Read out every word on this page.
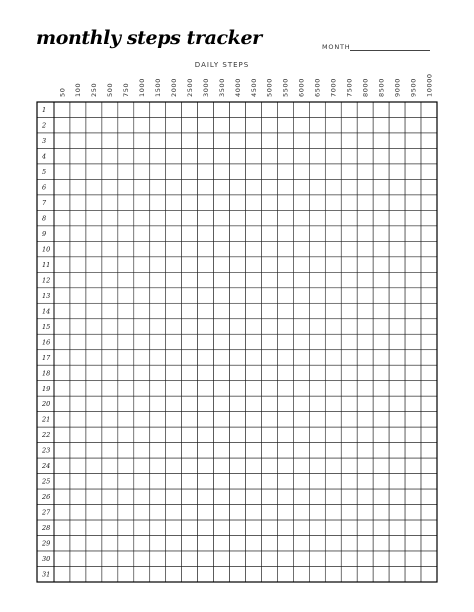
monthly steps tracker	MONTH
DAILY STEPS
1
2
3
4
5
6
7
8
9
10
11
12
13
14
15
16
17
18
19
20
21
22
23
24
25
26
27
28
29
30
31
50 100 250 500 750 1000 1500 2000 2500 3000 3500 4000 4500 5000 5500 6000 6500 7000 7500 8000 8500 9000 9500 10000
